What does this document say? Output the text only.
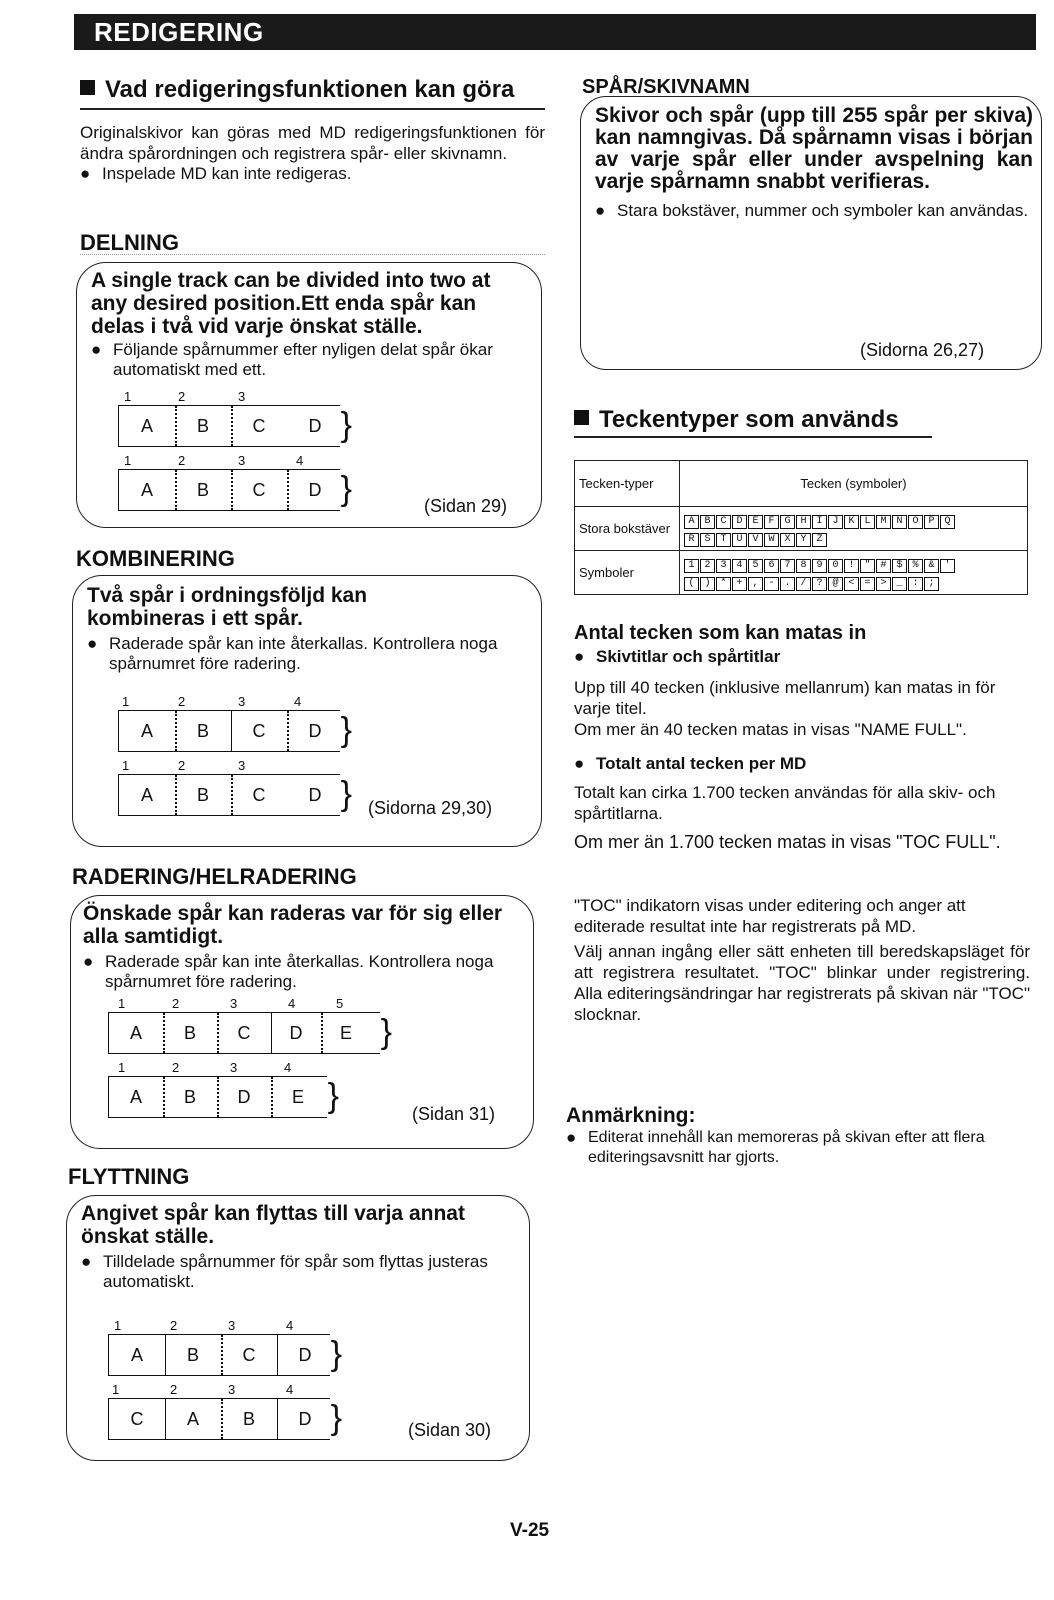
REDIGERING
Vad redigeringsfunktionen kan göra

Originalskivor kan göras med MD redigeringsfunktionen för ändra spårordningen och registrera spår- eller skivnamn.

● Inspelade MD kan inte redigeras.
DELNING
A single track can be divided into two at any desired position.Ett enda spår kan delas i två vid varje önskat ställe.
● Följande spårnummer efter nyligen delat spår ökar automatiskt med ett.
1	2	3
A	B	C	D }
1	2	3	4
A	B	C	D }	(Sidan 29)
KOMBINERING
Två spår i ordningsföljd kan kombineras i ett spår.
● Raderade spår kan inte återkallas. Kontrollera noga spårnumret före radering.
1	2	3	4
A	B	C	D }
1	2	3
A	B	C	D } (Sidorna 29,30)
RADERING/HELRADERING
Önskade spår kan raderas var för sig eller alla samtidigt.
● Raderade spår kan inte återkallas. Kontrollera noga spårnumret före radering.
1	2	3	4	5
A	B	C	D	E }
1	2	3	4
A	B	D	E }	(Sidan 31)
FLYTTNING
Angivet spår kan flyttas till varja annat önskat ställe.
● Tilldelade spårnummer för spår som flyttas justeras automatiskt.
1	2	3	4
A	B	C	D }
1	2	3	4
C	A	B	D }	(Sidan 30)
SPÅR/SKIVNAMN
Skivor och spår (upp till 255 spår per skiva) kan namngivas. Då spårnamn visas i början av varje spår eller under avspelning kan varje spårnamn snabbt verifieras.
● Stara bokstäver, nummer och symboler kan användas.
(Sidorna 26,27)
Teckentyper som används
Tecken-typer	Tecken (symboler)
Stora bokstäver	A B C D E F G H I J K L M N O P Q
R S T U V W X Y Z

Symboler	1 2 3 4 5 6 7 8 9 0 ! " # $ % & '
( ) * + , - . / ? @ < = > _ : ;
Antal tecken som kan matas in
● Skivtitlar och spårtitlar

Upp till 40 tecken (inklusive mellanrum) kan matas in för varje titel.

Om mer än 40 tecken matas in visas "NAME FULL".

● Totalt antal tecken per MD

Totalt kan cirka 1.700 tecken användas för alla skiv- och spårtitlarna.

Om mer än 1.700 tecken matas in visas "TOC FULL".

"TOC" indikatorn visas under editering och anger att editerade resultat inte har registrerats på MD.

Välj annan ingång eller sätt enheten till beredskapsläget för att registrera resultatet. "TOC" blinkar under registrering. Alla editeringsändringar har registrerats på skivan när "TOC" slocknar.

Anmärkning:
● Editerat innehåll kan memoreras på skivan efter att flera editeringsavsnitt har gjorts.
V-25
